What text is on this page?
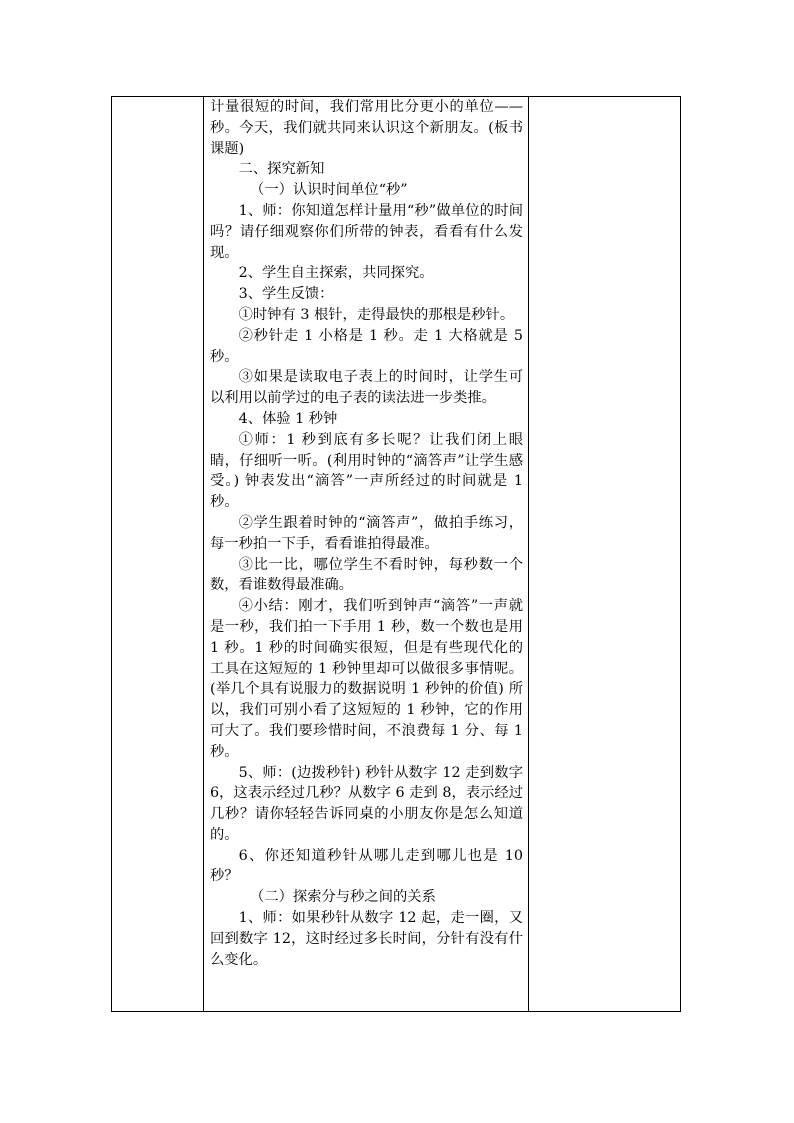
计量很短的时间，我们常用比分更小的单位——秒。今天，我们就共同来认识这个新朋友。(板书课题)

二、探究新知

（一）认识时间单位“秒”

1、师：你知道怎样计量用“秒”做单位的时间吗？请仔细观察你们所带的钟表，看看有什么发现。

2、学生自主探索，共同探究。

3、学生反馈：

①时钟有 3 根针，走得最快的那根是秒针。

②秒针走 1 小格是 1 秒。走 1 大格就是 5 秒。

③如果是读取电子表上的时间时，让学生可以利用以前学过的电子表的读法进一步类推。

4、体验 1 秒钟

①师：1 秒到底有多长呢？让我们闭上眼睛，仔细听一听。(利用时钟的“滴答声”让学生感受。) 钟表发出“滴答”一声所经过的时间就是 1 秒。

②学生跟着时钟的“滴答声”，做拍手练习，每一秒拍一下手，看看谁拍得最准。

③比一比，哪位学生不看时钟，每秒数一个数，看谁数得最准确。

④小结：刚才，我们听到钟声“滴答”一声就是一秒，我们拍一下手用 1 秒，数一个数也是用 1 秒。1 秒的时间确实很短，但是有些现代化的工具在这短短的 1 秒钟里却可以做很多事情呢。(举几个具有说服力的数据说明 1 秒钟的价值) 所以，我们可别小看了这短短的 1 秒钟，它的作用可大了。我们要珍惜时间，不浪费每 1 分、每 1 秒。

5、师：(边拨秒针) 秒针从数字 12 走到数字 6，这表示经过几秒？从数字 6 走到 8，表示经过几秒？请你轻轻告诉同桌的小朋友你是怎么知道的。

6、你还知道秒针从哪儿走到哪儿也是 10 秒？

（二）探索分与秒之间的关系

1、师：如果秒针从数字 12 起，走一圈，又回到数字 12，这时经过多长时间，分针有没有什么变化。
